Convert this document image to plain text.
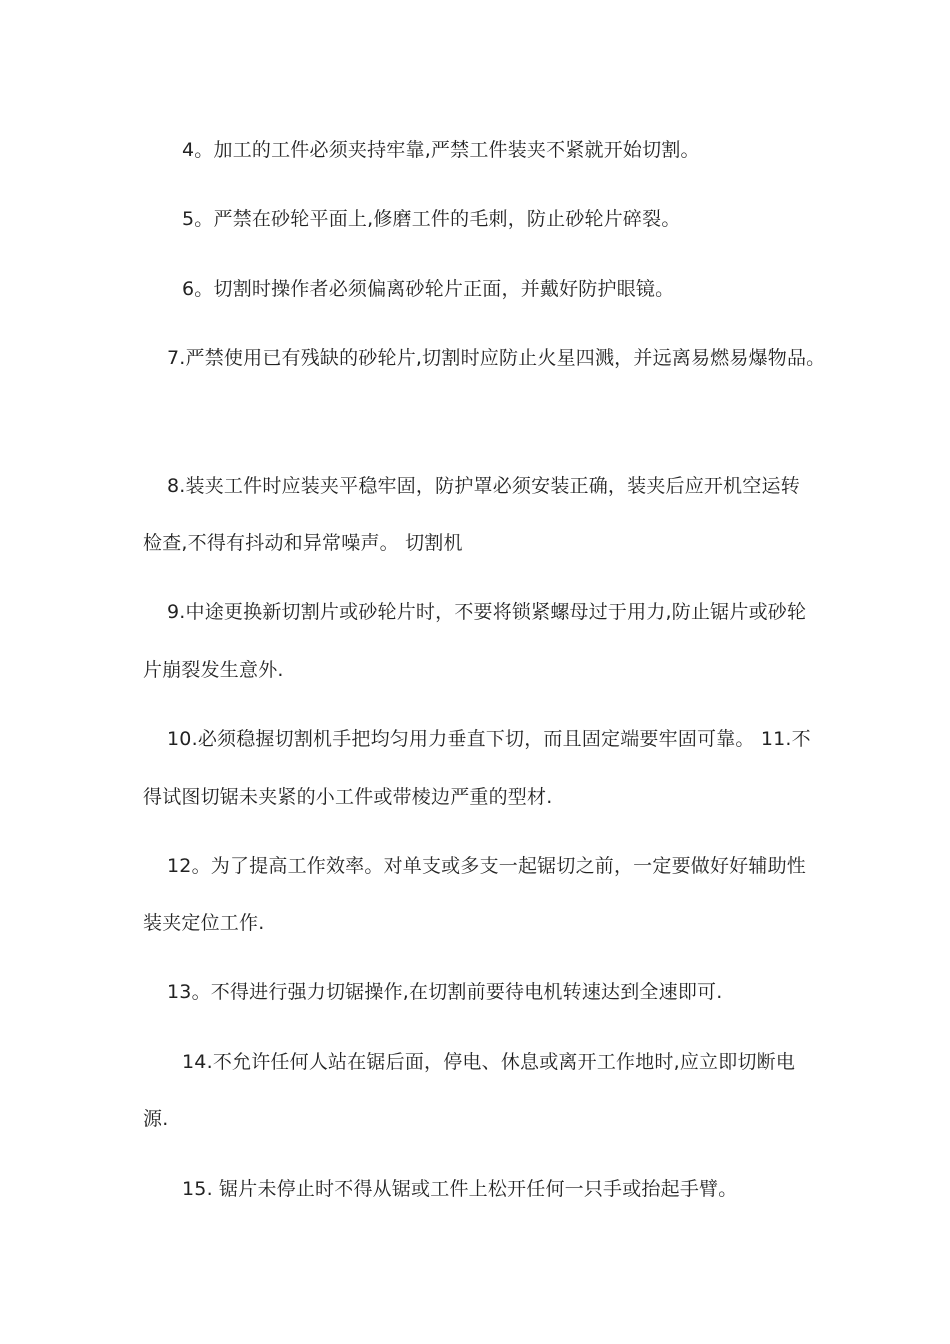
4。加工的工件必须夹持牢靠,严禁工件装夹不紧就开始切割。
5。严禁在砂轮平面上,修磨工件的毛刺，防止砂轮片碎裂。
6。切割时操作者必须偏离砂轮片正面，并戴好防护眼镜。
7.严禁使用已有残缺的砂轮片,切割时应防止火星四溅，并远离易燃易爆物品。
8.装夹工件时应装夹平稳牢固，防护罩必须安装正确，装夹后应开机空运转
检查,不得有抖动和异常噪声。 切割机
9.中途更换新切割片或砂轮片时，不要将锁紧螺母过于用力,防止锯片或砂轮
片崩裂发生意外.
10.必须稳握切割机手把均匀用力垂直下切，而且固定端要牢固可靠。 11.不
得试图切锯未夹紧的小工件或带棱边严重的型材.
12。为了提高工作效率。对单支或多支一起锯切之前，一定要做好好辅助性
装夹定位工作.
13。不得进行强力切锯操作,在切割前要待电机转速达到全速即可.
14.不允许任何人站在锯后面，停电、休息或离开工作地时,应立即切断电
源.
15. 锯片未停止时不得从锯或工件上松开任何一只手或抬起手臂。
